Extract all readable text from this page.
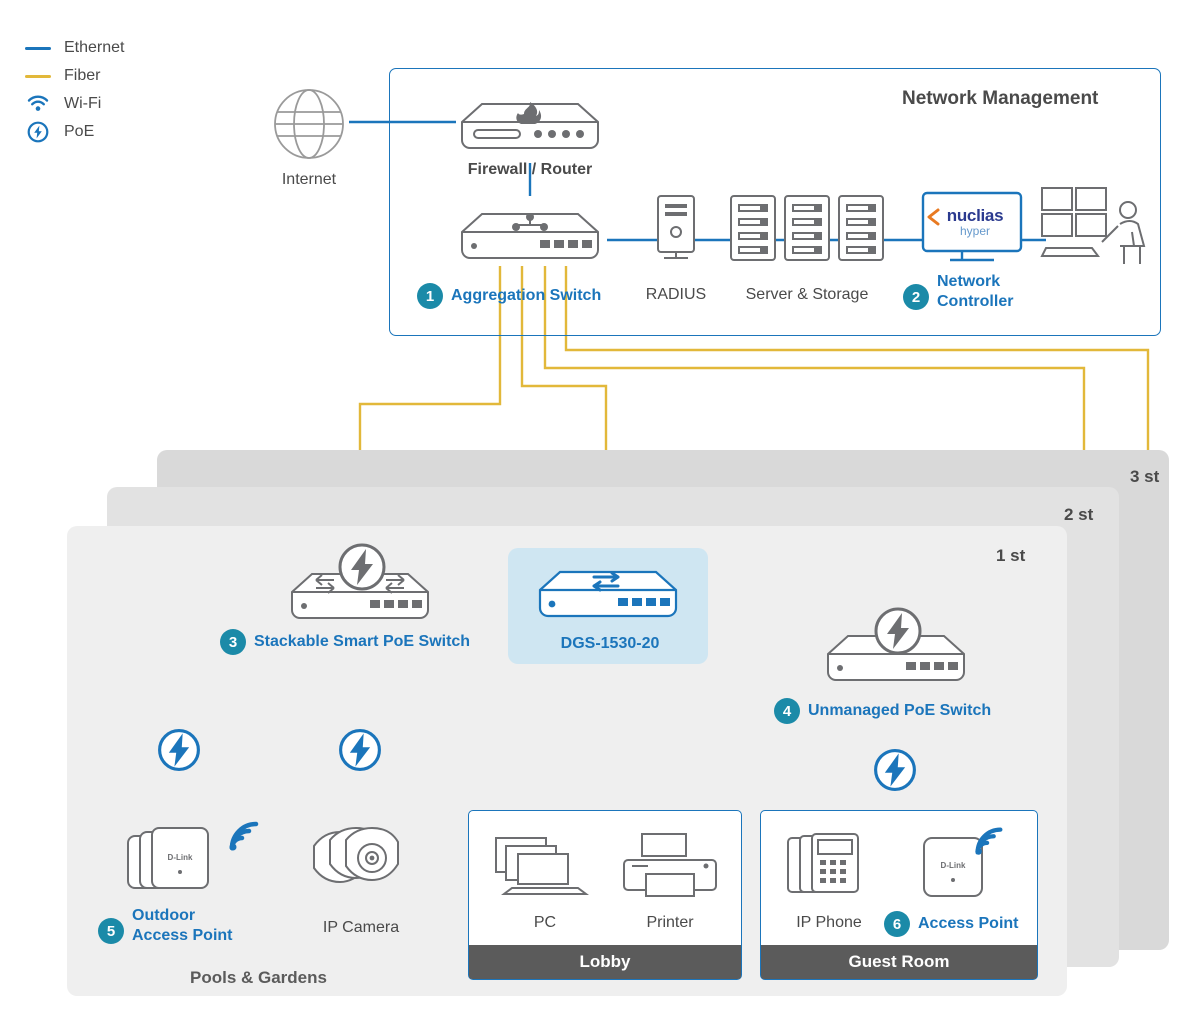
Ethernet
Fiber
Wi-Fi
PoE
Network Management
Internet
Firewall / Router
1	Aggregation Switch	RADIUS	Server & Storage
nuclias
hyper
2
Network
Controller
3 st
2 st
1 st
Lobby	Guest Room
Pools & Gardens
3	Stackable Smart PoE Switch	DGS-1530-20
4	Unmanaged PoE Switch
D-Link
5
Outdoor
Access Point	IP Camera	PC	Printer	IP Phone
D-Link
6	Access Point
